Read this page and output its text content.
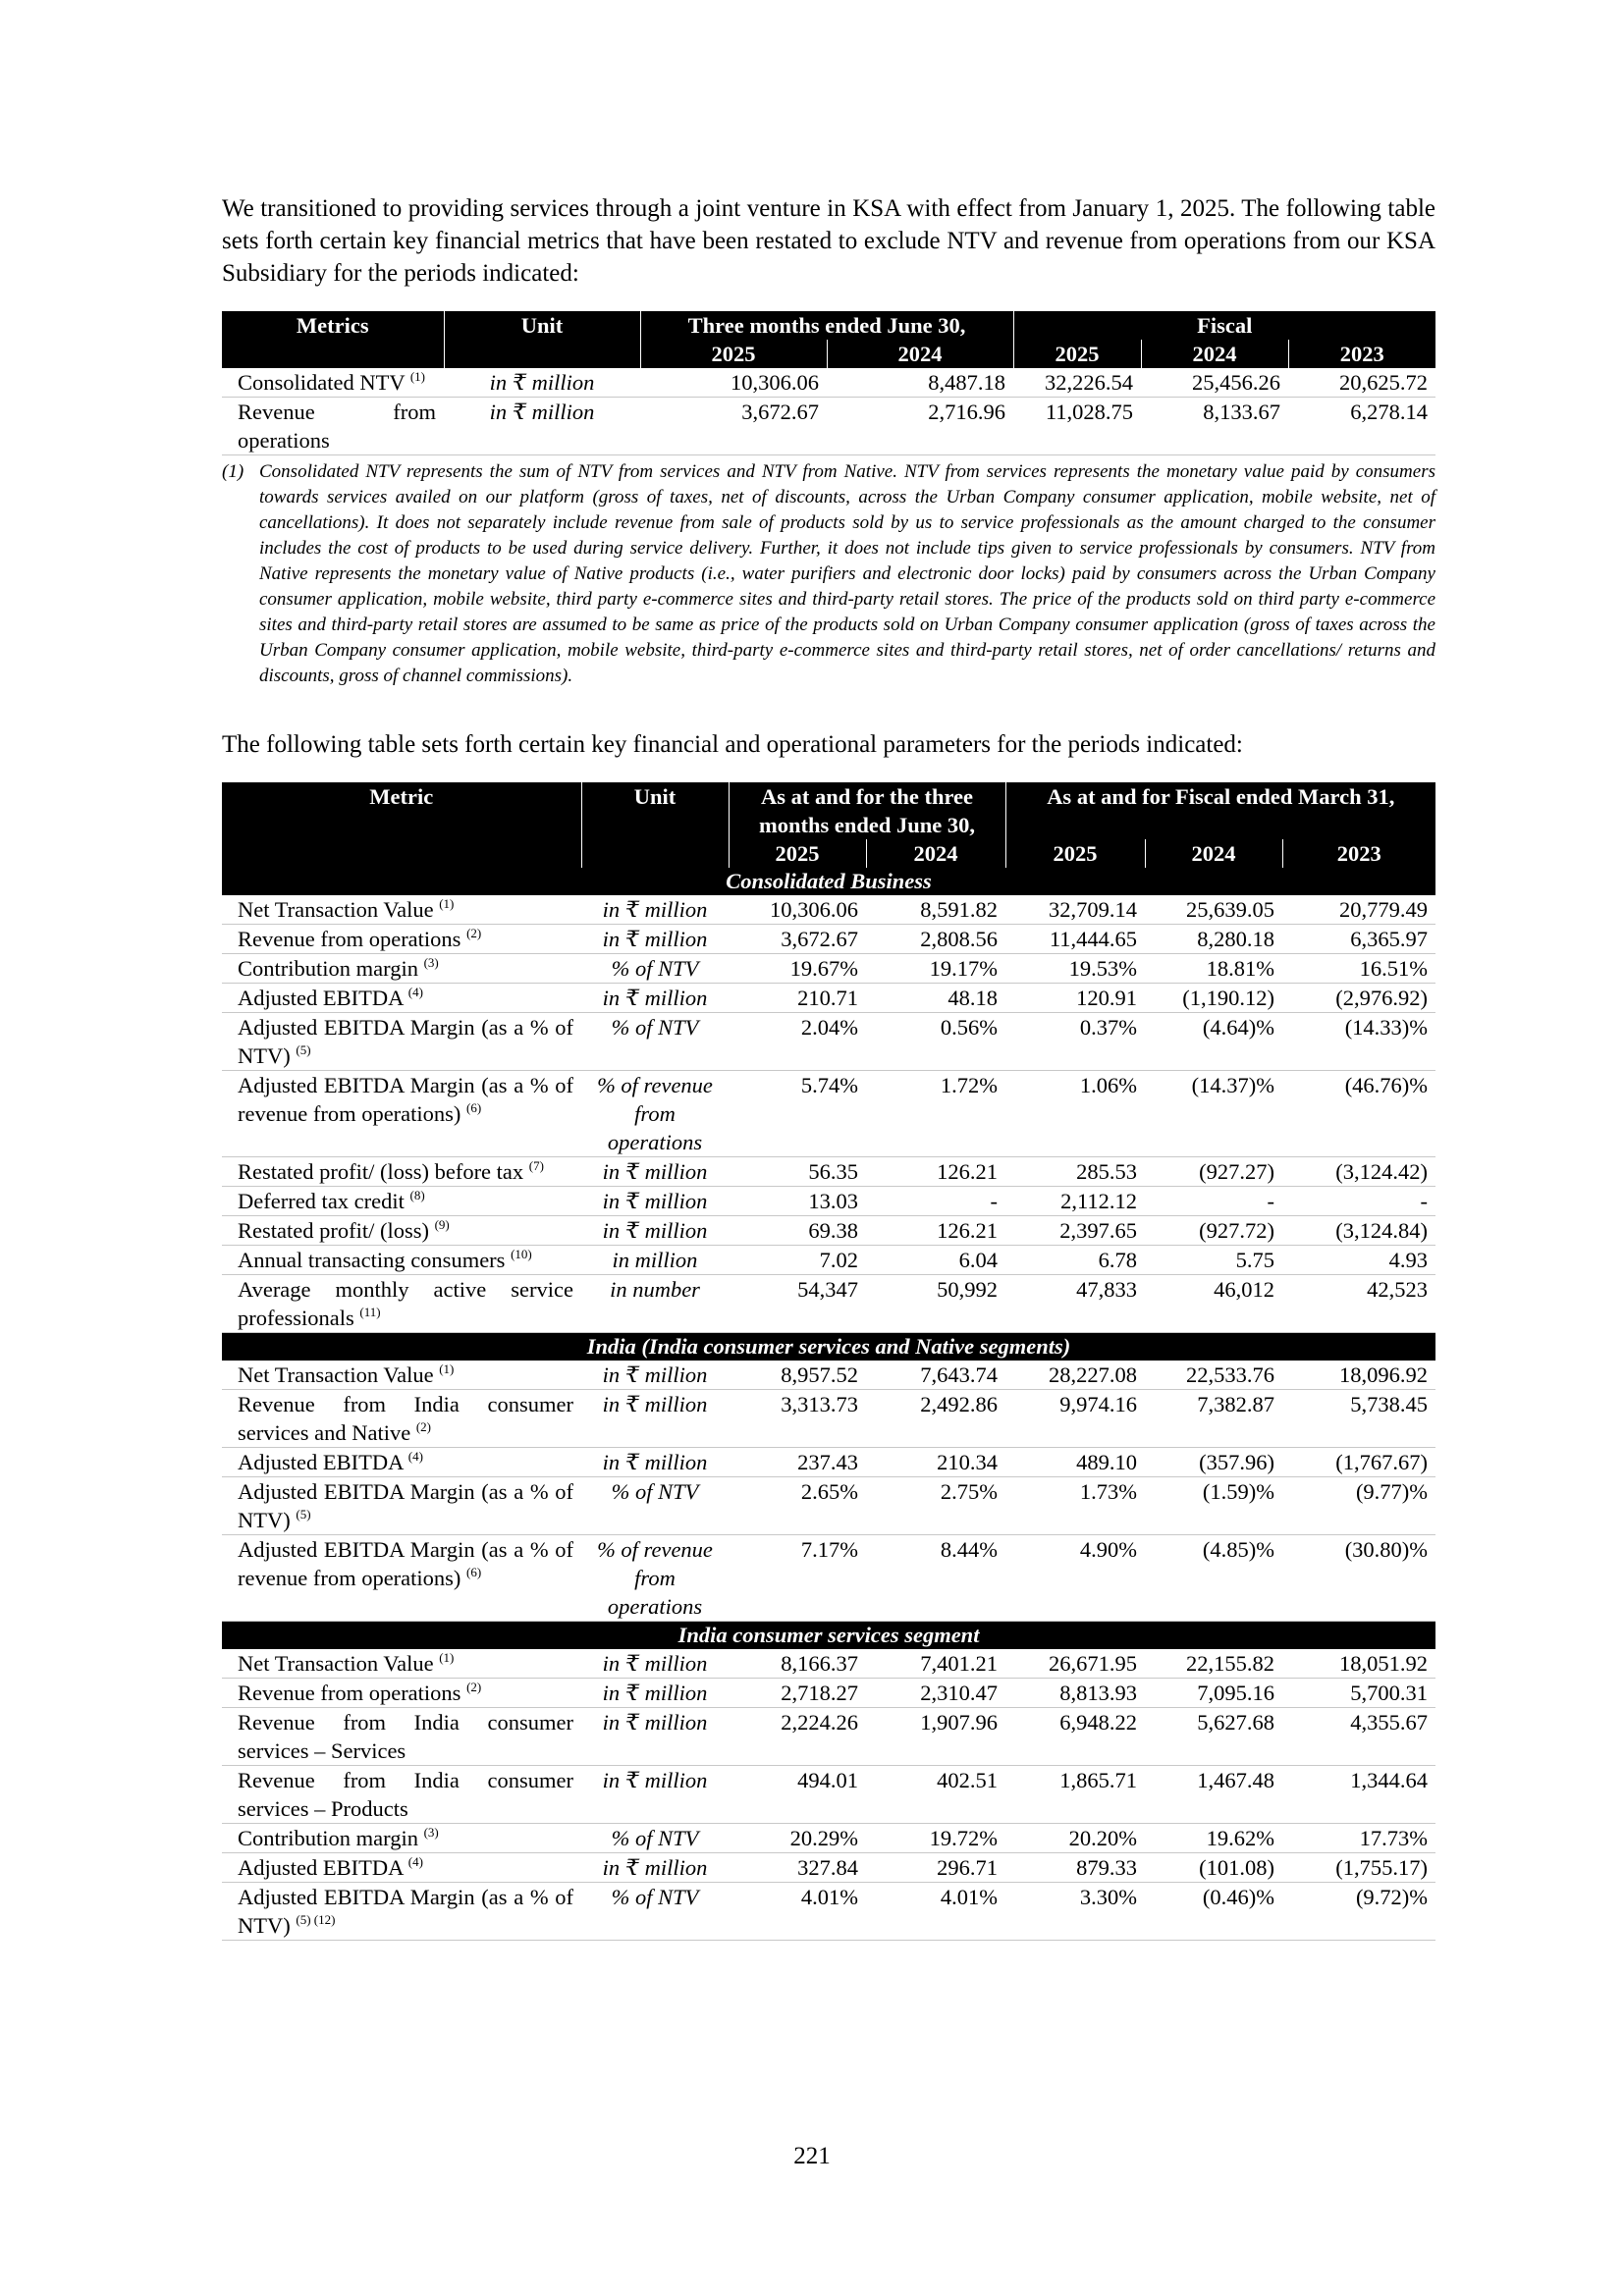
We transitioned to providing services through a joint venture in KSA with effect from January 1, 2025. The following table sets forth certain key financial metrics that have been restated to exclude NTV and revenue from operations from our KSA Subsidiary for the periods indicated:

Metrics	Unit	Three months ended June 30,		Fiscal		
		2025	2024	2025	2024	2023
Consolidated NTV $^{(1)}$	in ₹ million	10,306.06	8,487.18	32,226.54	25,456.26	20,625.72
Revenue from operations	in ₹ million	3,672.67	2,716.96	11,028.75	8,133.67	6,278.14

(1) Consolidated NTV represents the sum of NTV from services and NTV from Native. NTV from services represents the monetary value paid by consumers towards services availed on our platform (gross of taxes, net of discounts, across the Urban Company consumer application, mobile website, net of cancellations). It does not separately include revenue from sale of products sold by us to service professionals as the amount charged to the consumer includes the cost of products to be used during service delivery. Further, it does not include tips given to service professionals by consumers. NTV from Native represents the monetary value of Native products (i.e., water purifiers and electronic door locks) paid by consumers across the Urban Company consumer application, mobile website, third party e-commerce sites and third-party retail stores. The price of the products sold on third party e-commerce sites and third-party retail stores are assumed to be same as price of the products sold on Urban Company consumer application (gross of taxes across the Urban Company consumer application, mobile website, third-party e-commerce sites and third-party retail stores, net of order cancellations/ returns and discounts, gross of channel commissions).

The following table sets forth certain key financial and operational parameters for the periods indicated:

Metric	Unit	As at and for the three months ended June 30,		As at and for Fiscal ended March 31,		
		2025	2024	2025	2024	2023
Consolidated Business						
Net Transaction Value $^{(1)}$	in ₹ million	10,306.06	8,591.82	32,709.14	25,639.05	20,779.49
Revenue from operations $^{(2)}$	in ₹ million	3,672.67	2,808.56	11,444.65	8,280.18	6,365.97
Contribution margin $^{(3)}$	% of NTV	19.67%	19.17%	19.53%	18.81%	16.51%
Adjusted EBITDA $^{(4)}$	in ₹ million	210.71	48.18	120.91	(1,190.12)	(2,976.92)
Adjusted EBITDA Margin (as a % of NTV) $^{(5)}$	% of NTV	2.04%	0.56%	0.37%	(4.64)%	(14.33)%
Adjusted EBITDA Margin (as a % of revenue from operations) $^{(6)}$	% of revenue from operations	5.74%	1.72%	1.06%	(14.37)%	(46.76)%
Restated profit/ (loss) before tax $^{(7)}$	in ₹ million	56.35	126.21	285.53	(927.27)	(3,124.42)
Deferred tax credit $^{(8)}$	in ₹ million	13.03	-	2,112.12	-	-
Restated profit/ (loss) $^{(9)}$	in ₹ million	69.38	126.21	2,397.65	(927.72)	(3,124.84)
Annual transacting consumers $^{(10)}$	in million	7.02	6.04	6.78	5.75	4.93
Average monthly active service professionals $^{(11)}$	in number	54,347	50,992	47,833	46,012	42,523
India (India consumer services and Native segments)						
Net Transaction Value $^{(1)}$	in ₹ million	8,957.52	7,643.74	28,227.08	22,533.76	18,096.92
Revenue from India consumer services and Native $^{(2)}$	in ₹ million	3,313.73	2,492.86	9,974.16	7,382.87	5,738.45
Adjusted EBITDA $^{(4)}$	in ₹ million	237.43	210.34	489.10	(357.96)	(1,767.67)
Adjusted EBITDA Margin (as a % of NTV) $^{(5)}$	% of NTV	2.65%	2.75%	1.73%	(1.59)%	(9.77)%
Adjusted EBITDA Margin (as a % of revenue from operations) $^{(6)}$	% of revenue from operations	7.17%	8.44%	4.90%	(4.85)%	(30.80)%
India consumer services segment						
Net Transaction Value $^{(1)}$	in ₹ million	8,166.37	7,401.21	26,671.95	22,155.82	18,051.92
Revenue from operations $^{(2)}$	in ₹ million	2,718.27	2,310.47	8,813.93	7,095.16	5,700.31
Revenue from India consumer services – Services	in ₹ million	2,224.26	1,907.96	6,948.22	5,627.68	4,355.67
Revenue from India consumer services – Products	in ₹ million	494.01	402.51	1,865.71	1,467.48	1,344.64
Contribution margin $^{(3)}$	% of NTV	20.29%	19.72%	20.20%	19.62%	17.73%
Adjusted EBITDA $^{(4)}$	in ₹ million	327.84	296.71	879.33	(101.08)	(1,755.17)
Adjusted EBITDA Margin (as a % of NTV) $^{(5) (12)}$	% of NTV	4.01%	4.01%	3.30%	(0.46)%	(9.72)%
221
